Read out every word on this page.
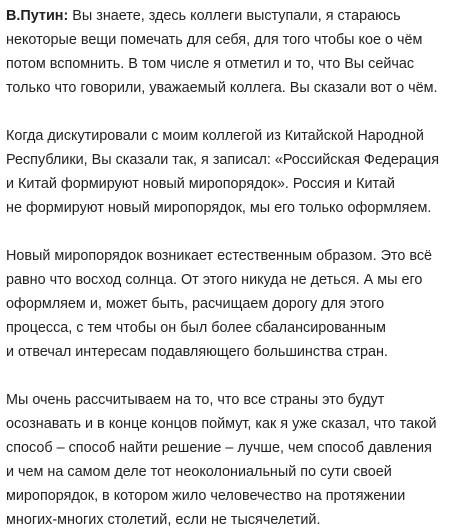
В.Путин: Вы знаете, здесь коллеги выступали, я стараюсь
некоторые вещи помечать для себя, для того чтобы кое о чём
потом вспомнить. В том числе я отметил и то, что Вы сейчас
только что говорили, уважаемый коллега. Вы сказали вот о чём.

Когда дискутировали с моим коллегой из Китайской Народной
Республики, Вы сказали так, я записал: «Российская Федерация
и Китай формируют новый миропорядок». Россия и Китай
не формируют новый миропорядок, мы его только оформляем.

Новый миропорядок возникает естественным образом. Это всё
равно что восход солнца. От этого никуда не деться. А мы его
оформляем и, может быть, расчищаем дорогу для этого
процесса, с тем чтобы он был более сбалансированным
и отвечал интересам подавляющего большинства стран.

Мы очень рассчитываем на то, что все страны это будут
осознавать и в конце концов поймут, как я уже сказал, что такой
способ – способ найти решение – лучше, чем способ давления
и чем на самом деле тот неоколониальный по сути своей
миропорядок, в котором жило человечество на протяжении
многих-многих столетий, если не тысячелетий.
